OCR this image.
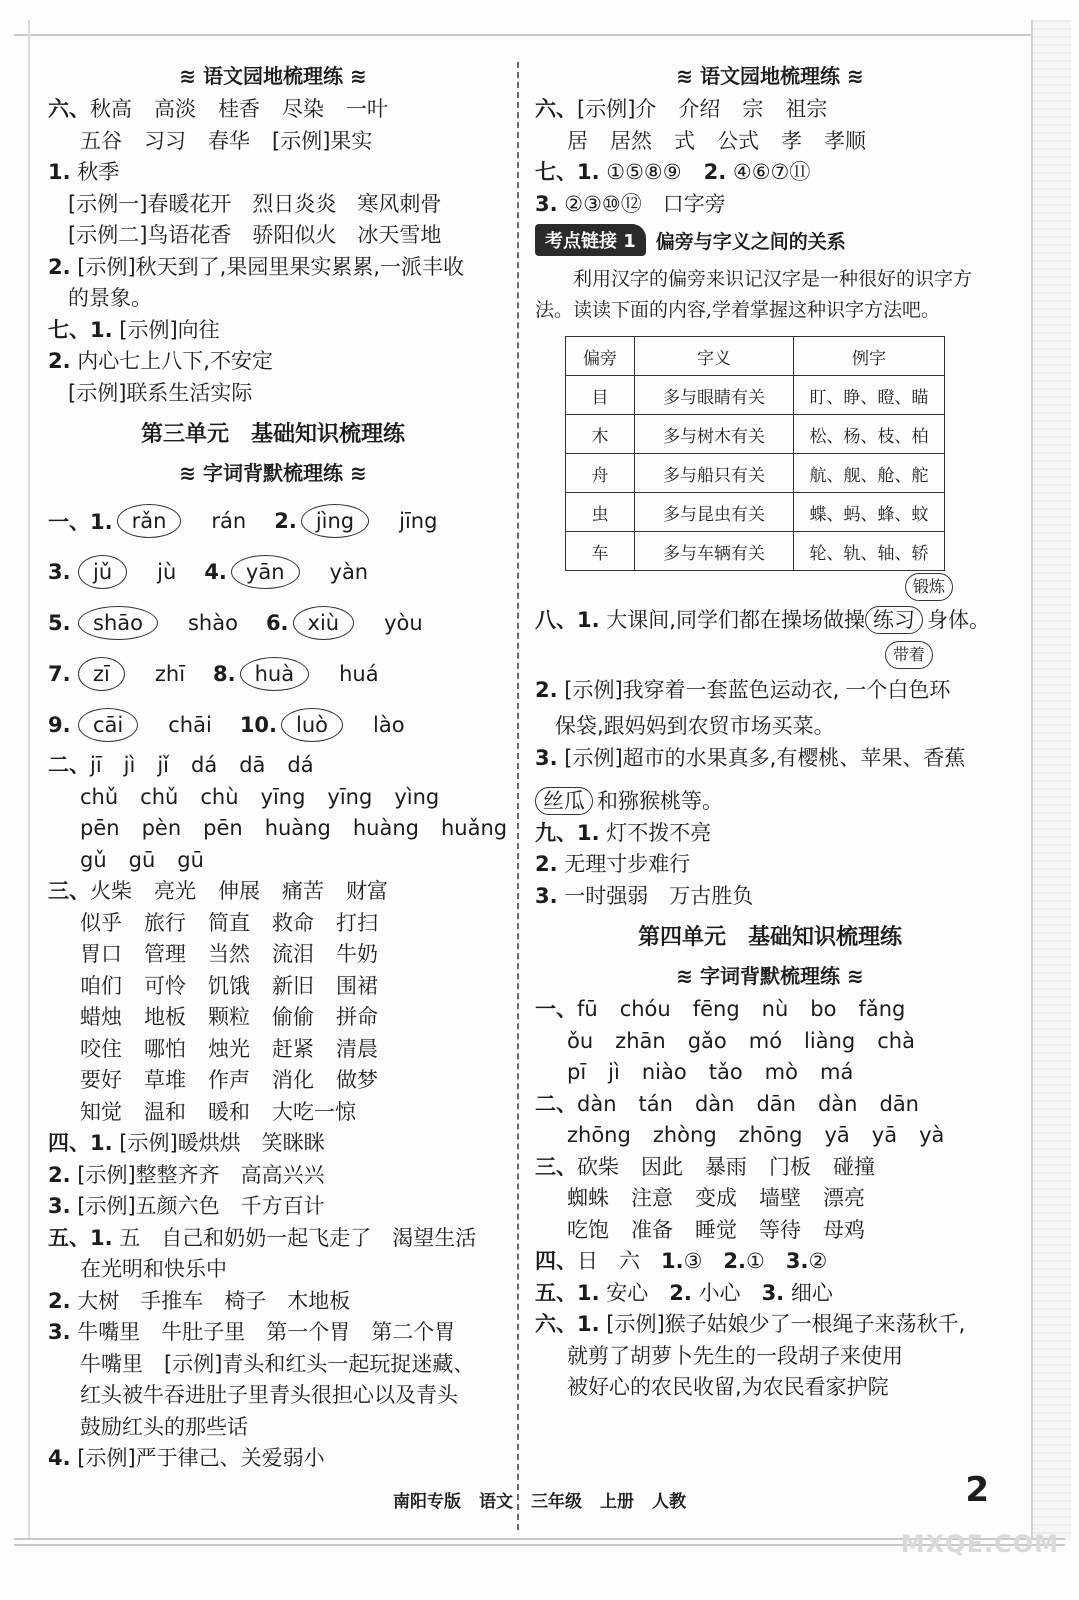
≋ 语文园地梳理练 ≋
六、秋高 高淡 桂香 尽染 一叶
五谷 习习 春华 [示例]果实
1. 秋季
[示例一]春暖花开　烈日炎炎　寒风刺骨
[示例二]鸟语花香　骄阳似火　冰天雪地
2. [示例]秋天到了,果园里果实累累,一派丰收
的景象。
七、1. [示例]向往
2. 内心七上八下,不安定
[示例]联系生活实际
第三单元　基础知识梳理练
≋ 字词背默梳理练 ≋
一、1. rǎn	rán 2. jìng	jīng
3.	jǔ	jù 4. yān	yàn
5.	shāo	shào 6. xiù	yòu
7.	zī	zhī 8. huà	huá
9.	cāi	chāi 10. luò	lào
二、jī jì jǐ dá dā dá
chǔ chǔ chù yīng yīng yìng
pēn pèn pēn huàng huàng huǎng
gǔ gū gū
三、火柴 亮光 伸展 痛苦 财富
似乎 旅行 简直 救命 打扫
胃口 管理 当然 流泪 牛奶
咱们 可怜 饥饿 新旧 围裙
蜡烛 地板 颗粒 偷偷 拼命
咬住 哪怕 烛光 赶紧 清晨
要好 草堆 作声 消化 做梦
知觉 温和 暖和 大吃一惊
四、1. [示例]暖烘烘　笑眯眯
2. [示例]整整齐齐　高高兴兴
3. [示例]五颜六色　千方百计
五、1. 五　自己和奶奶一起飞走了　渴望生活
在光明和快乐中
2. 大树　手推车　椅子　木地板
3. 牛嘴里　牛肚子里　第一个胃　第二个胃
牛嘴里　[示例]青头和红头一起玩捉迷藏、
红头被牛吞进肚子里青头很担心以及青头
鼓励红头的那些话
4. [示例]严于律己、关爱弱小
≋ 语文园地梳理练 ≋
六、[示例]介 介绍 宗 祖宗
居 居然 式 公式 孝 孝顺
七、1. ①⑤⑧⑨ 2. ④⑥⑦⑪
3. ②③⑩⑫　口字旁
考点链接 1	偏旁与字义之间的关系
利用汉字的偏旁来识记汉字是一种很好的识字方法。读读下面的内容,学着掌握这种识字方法吧。
偏旁	字义	例字
目	多与眼睛有关	盯、睁、瞪、瞄
木	多与树木有关	松、杨、枝、柏
舟	多与船只有关	航、舰、舱、舵
虫	多与昆虫有关	蝶、蚂、蜂、蚊
车	多与车辆有关	轮、轨、轴、轿
锻炼
八、1. 大课间,同学们都在操场做操 练习 身体。
带着
2. [示例]我穿着一套蓝色运动衣, 一个白色环
保袋,跟妈妈到农贸市场买菜。
3. [示例]超市的水果真多,有樱桃、苹果、香蕉
丝瓜 和猕猴桃等。
九、1. 灯不拨不亮
2. 无理寸步难行
3. 一时强弱　万古胜负
第四单元　基础知识梳理练
≋ 字词背默梳理练 ≋
一、fū chóu fēng nù bo fǎng
ǒu zhān gǎo mó liàng chà
pī jì niào tǎo mò má
二、dàn tán dàn dān dàn dān
zhōng zhòng zhōng yā yā yà
三、砍柴 因此 暴雨 门板 碰撞
蜘蛛 注意 变成 墙壁 漂亮
吃饱 准备 睡觉 等待 母鸡
四、日　六　1.③　2.①　3.②
五、1. 安心　2. 小心　3. 细心
六、1. [示例]猴子姑娘少了一根绳子来荡秋千,
就剪了胡萝卜先生的一段胡子来使用
被好心的农民收留,为农民看家护院
南阳专版 语文 三年级 上册 人教	2
MXQE.COM
